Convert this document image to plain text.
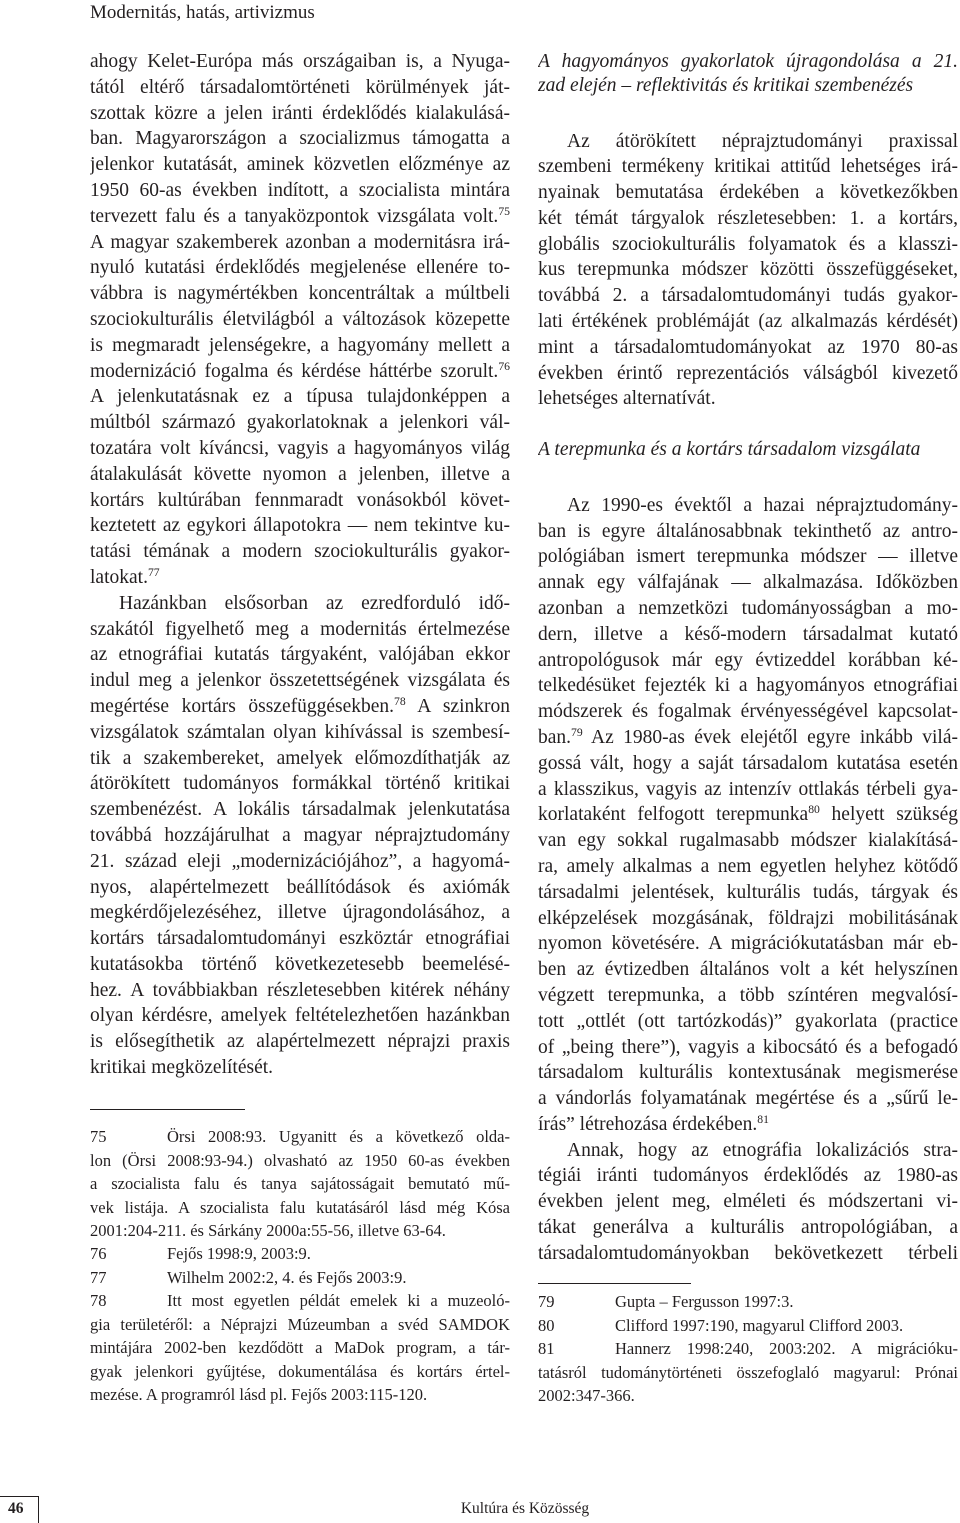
Modernitás, hatás, artivizmus
ahogy Kelet-Európa más országaiban is, a Nyuga-
tától eltérő társadalomtörténeti körülmények ját-
szottak közre a jelen iránti érdeklődés kialakulásá-
ban. Magyarországon a szocializmus támogatta a
jelenkor kutatását, aminek közvetlen előzménye az
1950 60-as években indított, a szocialista mintára
tervezett falu és a tanyaközpontok vizsgálata volt.$^{75}$
A magyar szakemberek azonban a modernitásra irá-
nyuló kutatási érdeklődés megjelenése ellenére to-
vábbra is nagymértékben koncentráltak a múltbeli
szociokulturális életvilágból a változások közepette
is megmaradt jelenségekre, a hagyomány mellett a
modernizáció fogalma és kérdése háttérbe szorult.$^{76}$
A jelenkutatásnak ez a típusa tulajdonképpen a
múltból származó gyakorlatoknak a jelenkori vál-
tozatára volt kíváncsi, vagyis a hagyományos világ
átalakulását követte nyomon a jelenben, illetve a
kortárs kultúrában fennmaradt vonásokból követ-
keztetett az egykori állapotokra — nem tekintve ku-
tatási témának a modern szociokulturális gyakor-
latokat.$^{77}$
Hazánkban elsősorban az ezredforduló idő-
szakától figyelhető meg a modernitás értelmezése
az etnográfiai kutatás tárgyaként, valójában ekkor
indul meg a jelenkor összetettségének vizsgálata és
megértése kortárs összefüggésekben.$^{78}$ A szinkron
vizsgálatok számtalan olyan kihívással is szembesí-
tik a szakembereket, amelyek előmozdíthatják az
átörökített tudományos formákkal történő kritikai
szembenézést. A lokális társadalmak jelenkutatása
továbbá hozzájárulhat a magyar néprajztudomány
21. század eleji „modernizációjához”, a hagyomá-
nyos, alapértelmezett beállítódások és axiómák
megkérdőjelezéséhez, illetve újragondolásához, a
kortárs társadalomtudományi eszköztár etnográfiai
kutatásokba történő következetesebb beemelésé-
hez. A továbbiakban részletesebben kitérek néhány
olyan kérdésre, amelyek feltételezhetően hazánkban
is elősegíthetik az alapértelmezett néprajzi praxis
kritikai megközelítését.
75	Örsi 2008:93. Ugyanitt és a következő olda-
lon (Örsi 2008:93-94.) olvasható az 1950 60-as években
a szocialista falu és tanya sajátosságait bemutató mű-
vek listája. A szocialista falu kutatásáról lásd még Kósa
2001:204-211. és Sárkány 2000a:55-56, illetve 63-64.
76	Fejős 1998:9, 2003:9.
77	Wilhelm 2002:2, 4. és Fejős 2003:9.
78	Itt most egyetlen példát emelek ki a muzeoló-
gia területéről: a Néprajzi Múzeumban a svéd SAMDOK
mintájára 2002-ben kezdődött a MaDok program, a tár-
gyak jelenkori gyűjtése, dokumentálása és kortárs értel-
mezése. A programról lásd pl. Fejős 2003:115-120.
A hagyományos gyakorlatok újragondolása a 21.
zad elején – reflektivitás és kritikai szembenézés
Az átörökített néprajztudományi praxissal
szembeni termékeny kritikai attitűd lehetséges irá-
nyainak bemutatása érdekében a következőkben
két témát tárgyalok részletesebben: 1. a kortárs,
globális szociokulturális folyamatok és a klasszi-
kus terepmunka módszer közötti összefüggéseket,
továbbá 2. a társadalomtudományi tudás gyakor-
lati értékének problémáját (az alkalmazás kérdését)
mint a társadalomtudományokat az 1970 80-as
években érintő reprezentációs válságból kivezető
lehetséges alternatívát.
A terepmunka és a kortárs társadalom vizsgálata
Az 1990-es évektől a hazai néprajztudomány-
ban is egyre általánosabbnak tekinthető az antro-
pológiában ismert terepmunka módszer — illetve
annak egy válfajának — alkalmazása. Időközben
azonban a nemzetközi tudományosságban a mo-
dern, illetve a késő-modern társadalmat kutató
antropológusok már egy évtizeddel korábban ké-
telkedésüket fejezték ki a hagyományos etnográfiai
módszerek és fogalmak érvényességével kapcsolat-
ban.$^{79}$ Az 1980-as évek elejétől egyre inkább vilá-
gossá vált, hogy a saját társadalom kutatása esetén
a klasszikus, vagyis az intenzív ottlakás térbeli gya-
korlataként felfogott terepmunka$^{80}$ helyett szükség
van egy sokkal rugalmasabb módszer kialakításá-
ra, amely alkalmas a nem egyetlen helyhez kötődő
társadalmi jelentések, kulturális tudás, tárgyak és
elképzelések mozgásának, földrajzi mobilitásának
nyomon követésére. A migrációkutatásban már eb-
ben az évtizedben általános volt a két helyszínen
végzett terepmunka, a több színtéren megvalósí-
tott „ottlét (ott tartózkodás)” gyakorlata (practice
of „being there”), vagyis a kibocsátó és a befogadó
társadalom kulturális kontextusának megismerése
a vándorlás folyamatának megértése és a „sűrű le-
írás” létrehozása érdekében.$^{81}$
Annak, hogy az etnográfia lokalizációs stra-
tégiái iránti tudományos érdeklődés az 1980-as
években jelent meg, elméleti és módszertani vi-
tákat generálva a kulturális antropológiában, a
társadalomtudományokban bekövetkezett térbeli
79	Gupta – Fergusson 1997:3.
80	Clifford 1997:190, magyarul Clifford 2003.
81	Hannerz 1998:240, 2003:202. A migrációku-
tatásról tudománytörténeti összefoglaló magyarul: Prónai
2002:347-366.
46	Kultúra és Közösség
